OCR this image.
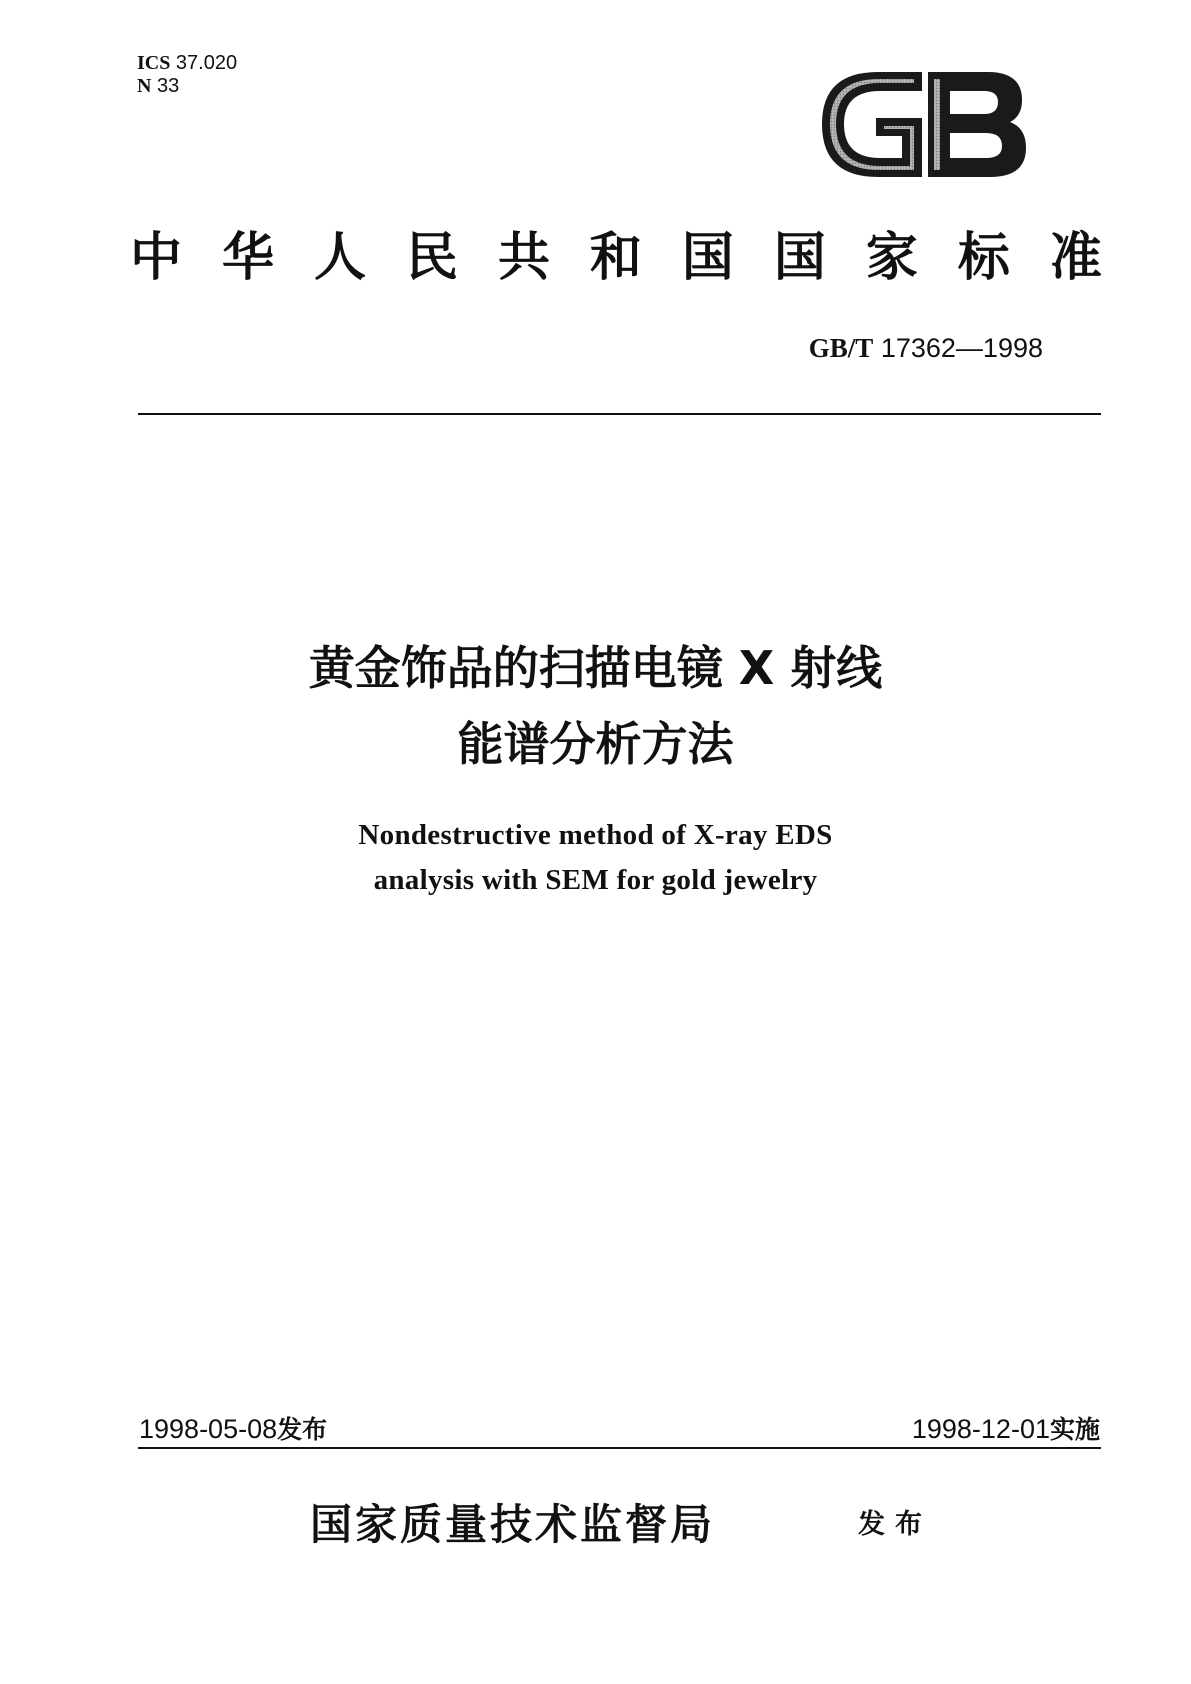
ICS 37.020
N 33
中 华 人 民 共 和 国 国 家 标 准
GB/T 17362—1998
黄金饰品的扫描电镜 X 射线
能谱分析方法
Nondestructive method of X-ray EDS
analysis with SEM for gold jewelry
1998-05-08发布	1998-12-01实施
国家质量技术监督局	发布
